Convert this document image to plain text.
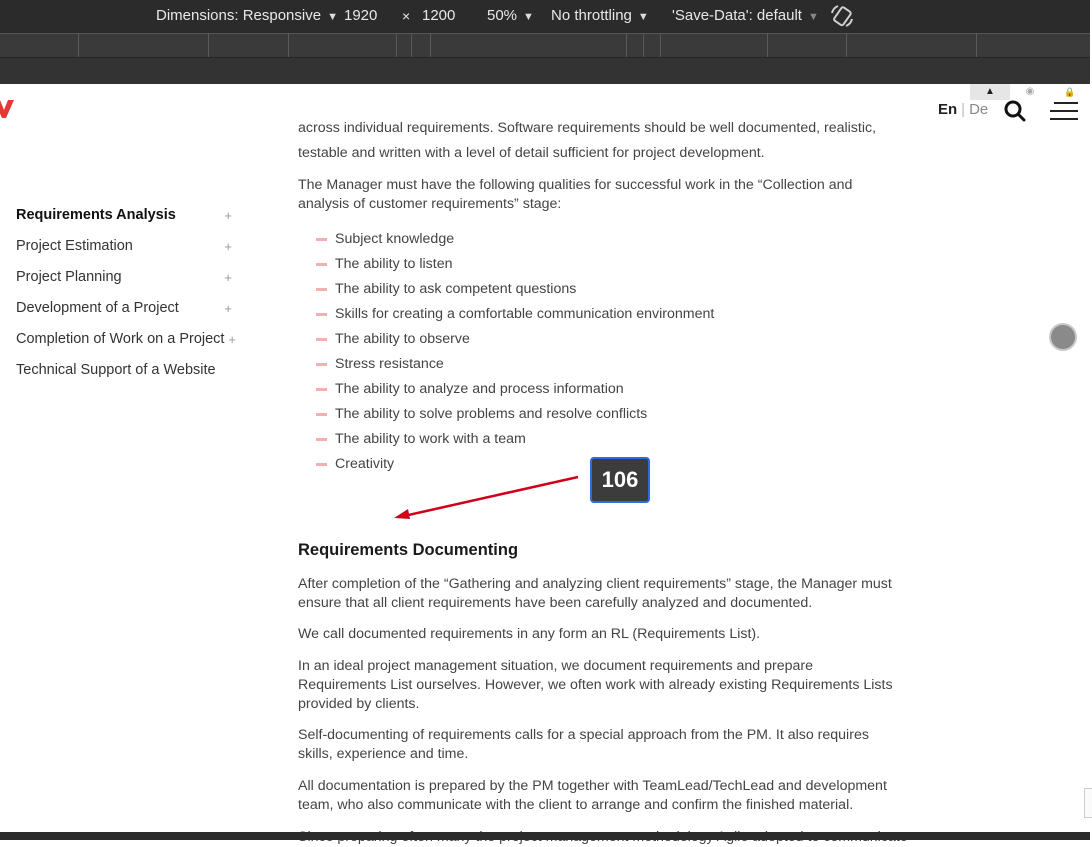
Dimensions: Responsive ▼ 1920 × 1200 50% ▼ No throttling ▼ 'Save-Data': default ▼
▲	◉	🔒
En | De
Requirements Analysis	+
Project Estimation	+
Project Planning	+
Development of a Project	+
Completion of Work on a Project +
Technical Support of a Website

across individual requirements. Software requirements should be well documented, realistic,

testable and written with a level of detail sufficient for project development.

The Manager must have the following qualities for successful work in the “Collection and analysis of customer requirements” stage:

Subject knowledge
The ability to listen
The ability to ask competent questions
Skills for creating a comfortable communication environment
The ability to observe
Stress resistance
The ability to analyze and process information
The ability to solve problems and resolve conflicts
The ability to work with a team
Creativity
Requirements Documenting

After completion of the “Gathering and analyzing client requirements” stage, the Manager must ensure that all client requirements have been carefully analyzed and documented.

We call documented requirements in any form an RL (Requirements List).

In an ideal project management situation, we document requirements and prepare Requirements List ourselves. However, we often work with already existing Requirements Lists provided by clients.

Self-documenting of requirements calls for a special approach from the PM. It also requires skills, experience and time.

All documentation is prepared by the PM together with TeamLead/TechLead and development team, who also communicate with the client to arrange and confirm the finished material.

106
